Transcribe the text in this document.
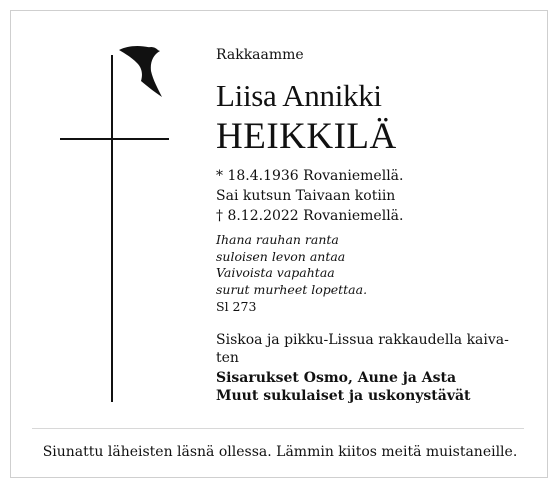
Rakkaamme
Liisa Annikki
HEIKKILÄ
* 18.4.1936 Rovaniemellä.
Sai kutsun Taivaan kotiin
† 8.12.2022 Rovaniemellä.
Ihana rauhan ranta
suloisen levon antaa
Vaivoista vapahtaa
surut murheet lopettaa.
Sl 273
Siskoa ja pikku-Lissua rakkaudella kaiva-
ten
Sisarukset Osmo, Aune ja Asta
Muut sukulaiset ja uskonystävät
Siunattu läheisten läsnä ollessa. Lämmin kiitos meitä muistaneille.
